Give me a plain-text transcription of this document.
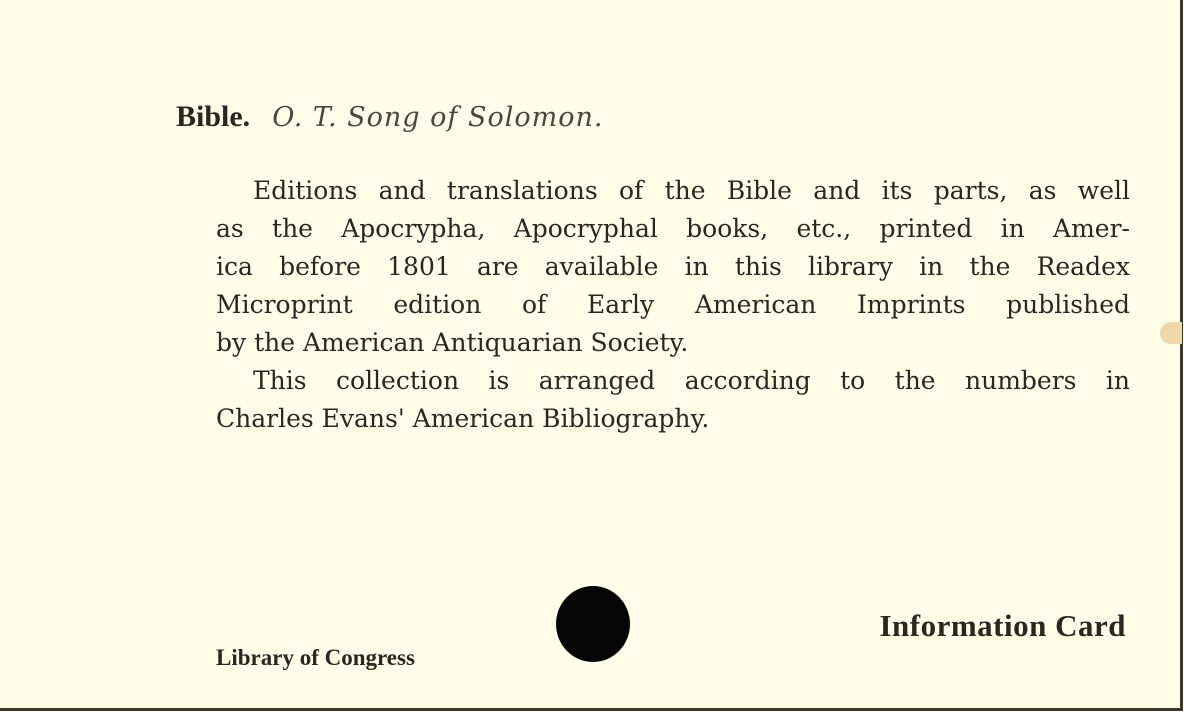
Bible. O. T. Song of Solomon.
Editions and translations of the Bible and its parts, as well
as the Apocrypha, Apocryphal books, etc., printed in Amer-
ica before 1801 are available in this library in the Readex
Microprint edition of Early American Imprints published
by the American Antiquarian Society.
This collection is arranged according to the numbers in
Charles Evans' American Bibliography.
Library of Congress
Information Card
